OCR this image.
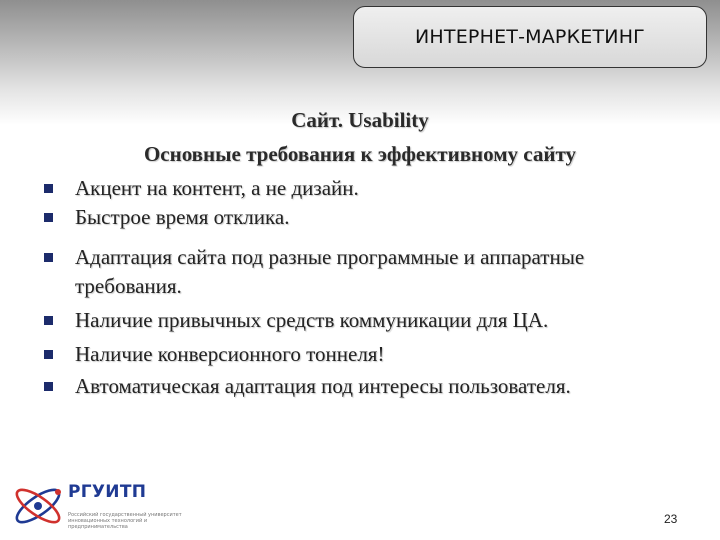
ИНТЕРНЕТ-МАРКЕТИНГ
Сайт. Usability
Основные требования к эффективному сайту
Акцент на контент, а не дизайн.
Быстрое время отклика.
Адаптация сайта под разные программные и аппаратные требования.
Наличие привычных средств коммуникации для ЦА.
Наличие конверсионного тоннеля!
Автоматическая адаптация под интересы пользователя.
РГУИТП
Российский государственный университет инновационных технологий и предпринимательства
23
